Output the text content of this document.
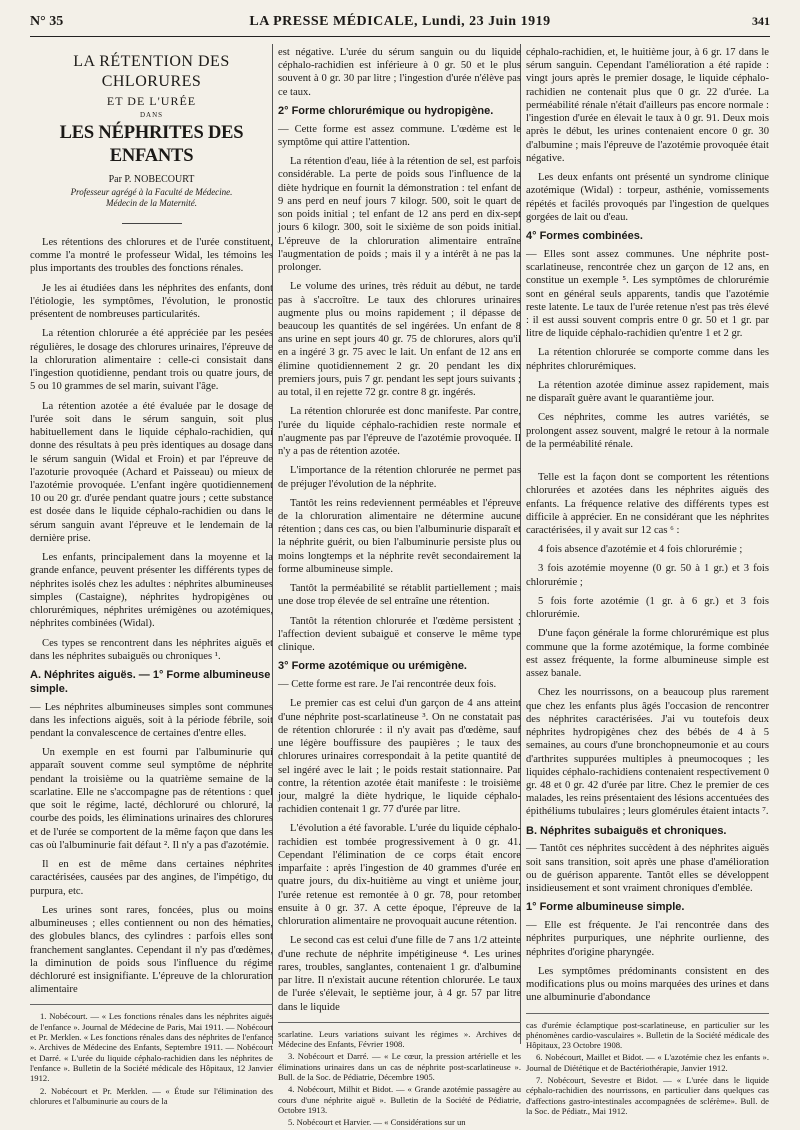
N° 35	LA PRESSE MÉDICALE, Lundi, 23 Juin 1919	341
LA RÉTENTION DES CHLORURES
ET DE L'URÉE
DANS
LES NÉPHRITES DES ENFANTS
Par P. NOBECOURT
Professeur agrégé à la Faculté de Médecine.
Médecin de la Maternité.

Les rétentions des chlorures et de l'urée constituent, comme l'a montré le professeur Widal, les témoins les plus importants des troubles des fonctions rénales.

Je les ai étudiées dans les néphrites des enfants, dont l'étiologie, les symptômes, l'évolution, le pronostic présentent de nombreuses particularités.

La rétention chlorurée a été appréciée par les pesées régulières, le dosage des chlorures urinaires, l'épreuve de la chloruration alimentaire : celle-ci consistait dans l'ingestion quotidienne, pendant trois ou quatre jours, de 5 ou 10 grammes de sel marin, suivant l'âge.

La rétention azotée a été évaluée par le dosage de l'urée soit dans le sérum sanguin, soit plus habituellement dans le liquide céphalo-rachidien, qui donne des résultats à peu près identiques au dosage dans le sérum sanguin (Widal et Froin) et par l'épreuve de l'azoturie provoquée (Achard et Paisseau) ou mieux de l'azotémie provoquée. L'enfant ingère quotidiennement 10 ou 20 gr. d'urée pendant quatre jours ; cette substance est dosée dans le liquide céphalo-rachidien ou dans le sérum sanguin avant l'épreuve et le lendemain de la dernière prise.

Les enfants, principalement dans la moyenne et la grande enfance, peuvent présenter les différents types de néphrites isolés chez les adultes : néphrites albumineuses simples (Castaigne), néphrites hydropigènes ou chlorurémiques, néphrites urémigènes ou azotémiques, néphrites combinées (Widal).

Ces types se rencontrent dans les néphrites aiguës et dans les néphrites subaiguës ou chroniques ¹.

A. Néphrites aiguës. — 1° Forme albumineuse simple.

— Les néphrites albumineuses simples sont communes dans les infections aiguës, soit à la période fébrile, soit pendant la convalescence de certaines d'entre elles.

Un exemple en est fourni par l'albuminurie qui apparaît souvent comme seul symptôme de néphrite pendant la troisième ou la quatrième semaine de la scarlatine. Elle ne s'accompagne pas de rétentions : quel que soit le régime, lacté, déchloruré ou chloruré, la courbe des poids, les éliminations urinaires des chlorures et de l'urée se comportent de la même façon que dans les cas où l'albuminurie fait défaut ². Il n'y a pas d'azotémie.

Il en est de même dans certaines néphrites caractérisées, causées par des angines, de l'impétigo, du purpura, etc.

Les urines sont rares, foncées, plus ou moins albumineuses ; elles contiennent ou non des hématies, des globules blancs, des cylindres : parfois elles sont franchement sanglantes. Cependant il n'y pas d'œdèmes, la diminution de poids sous l'influence du régime déchloruré est insignifiante. L'épreuve de la chloruration alimentaire

1. Nobécourt. — « Les fonctions rénales dans les néphrites aiguës de l'enfance ». Journal de Médecine de Paris, Mai 1911. — Nobécourt et Pr. Merklen. « Les fonctions rénales dans des néphrites de l'enfance ». Archives de Médecine des Enfants, Septembre 1911. — Nobécourt et Darré. « L'urée du liquide céphalo-rachidien dans les néphrites de l'enfance ». Bulletin de la Société médicale des Hôpitaux, 12 Janvier 1912.

2. Nobécourt et Pr. Merklen. — « Étude sur l'élimination des chlorures et l'albuminurie au cours de la

est négative. L'urée du sérum sanguin ou du liquide céphalo-rachidien est inférieure à 0 gr. 50 et le plus souvent à 0 gr. 30 par litre ; l'ingestion d'urée n'élève pas ce taux.

2° Forme chlorurémique ou hydropigène.

— Cette forme est assez commune. L'œdème est le symptôme qui attire l'attention.

La rétention d'eau, liée à la rétention de sel, est parfois considérable. La perte de poids sous l'influence de la diète hydrique en fournit la démonstration : tel enfant de 9 ans perd en neuf jours 7 kilogr. 500, soit le quart de son poids initial ; tel enfant de 12 ans perd en dix-sept jours 6 kilogr. 300, soit le sixième de son poids initial. L'épreuve de la chloruration alimentaire entraîne l'augmentation de poids ; mais il y a intérêt à ne pas la prolonger.

Le volume des urines, très réduit au début, ne tarde pas à s'accroître. Le taux des chlorures urinaires augmente plus ou moins rapidement ; il dépasse de beaucoup les quantités de sel ingérées. Un enfant de 8 ans urine en sept jours 40 gr. 75 de chlorures, alors qu'il en a ingéré 3 gr. 75 avec le lait. Un enfant de 12 ans en élimine quotidiennement 2 gr. 20 pendant les dix premiers jours, puis 7 gr. pendant les sept jours suivants ; au total, il en rejette 72 gr. contre 8 gr. ingérés.

La rétention chlorurée est donc manifeste. Par contre, l'urée du liquide céphalo-rachidien reste normale et n'augmente pas par l'épreuve de l'azotémie provoquée. Il n'y a pas de rétention azotée.

L'importance de la rétention chlorurée ne permet pas de préjuger l'évolution de la néphrite.

Tantôt les reins redeviennent perméables et l'épreuve de la chloruration alimentaire ne détermine aucune rétention ; dans ces cas, ou bien l'albuminurie disparaît et la néphrite guérit, ou bien l'albuminurie persiste plus ou moins longtemps et la néphrite revêt secondairement la forme albumineuse simple.

Tantôt la perméabilité se rétablit partiellement ; mais une dose trop élevée de sel entraîne une rétention.

Tantôt la rétention chlorurée et l'œdème persistent ; l'affection devient subaiguë et conserve le même type clinique.

3° Forme azotémique ou urémigène.

— Cette forme est rare. Je l'ai rencontrée deux fois.

Le premier cas est celui d'un garçon de 4 ans atteint d'une néphrite post-scarlatineuse ³. On ne constatait pas de rétention chlorurée : il n'y avait pas d'œdème, sauf une légère bouffissure des paupières ; le taux des chlorures urinaires correspondait à la petite quantité de sel ingéré avec le lait ; le poids restait stationnaire. Par contre, la rétention azotée était manifeste : le troisième jour, malgré la diète hydrique, le liquide céphalo-rachidien contenait 1 gr. 77 d'urée par litre.

L'évolution a été favorable. L'urée du liquide céphalo-rachidien est tombée progressivement à 0 gr. 41. Cependant l'élimination de ce corps était encore imparfaite : après l'ingestion de 40 grammes d'urée en quatre jours, du dix-huitième au vingt et unième jour, l'urée retenue est remontée à 0 gr. 78, pour retomber ensuite à 0 gr. 37. A cette époque, l'épreuve de la chloruration alimentaire ne provoquait aucune rétention.

Le second cas est celui d'une fille de 7 ans 1/2 atteinte d'une rechute de néphrite impétigineuse ⁴. Les urines rares, troubles, sanglantes, contenaient 1 gr. d'albumine par litre. Il n'existait aucune rétention chlorurée. Le taux de l'urée s'élevait, le septième jour, à 4 gr. 57 par litre dans le liquide

scarlatine. Leurs variations suivant les régimes ». Archives de Médecine des Enfants, Février 1908.

3. Nobécourt et Darré. — « Le cœur, la pression artérielle et les éliminations urinaires dans un cas de néphrite post-scarlatineuse ». Bull. de la Soc. de Pédiatrie, Décembre 1905.

4. Nobécourt, Milhit et Bidot. — « Grande azotémie passagère au cours d'une néphrite aiguë ». Bulletin de la Société de Pédiatrie, Octobre 1913.

5. Nobécourt et Harvier. — « Considérations sur un

céphalo-rachidien, et, le huitième jour, à 6 gr. 17 dans le sérum sanguin. Cependant l'amélioration a été rapide : vingt jours après le premier dosage, le liquide céphalo-rachidien ne contenait plus que 0 gr. 22 d'urée. La perméabilité rénale n'était d'ailleurs pas encore normale : l'ingestion d'urée en élevait le taux à 0 gr. 91. Deux mois après le début, les urines contenaient encore 0 gr. 30 d'albumine ; mais l'épreuve de l'azotémie provoquée était négative.

Les deux enfants ont présenté un syndrome clinique azotémique (Widal) : torpeur, asthénie, vomissements répétés et facilés provoqués par l'ingestion de quelques gorgées de lait ou d'eau.

4° Formes combinées.

— Elles sont assez communes. Une néphrite post-scarlatineuse, rencontrée chez un garçon de 12 ans, en constitue un exemple ⁵. Les symptômes de chlorurémie sont en général seuls apparents, tandis que l'azotémie reste latente. Le taux de l'urée retenue n'est pas très élevé : il est aussi souvent compris entre 0 gr. 50 et 1 gr. par litre de liquide céphalo-rachidien qu'entre 1 et 2 gr.

La rétention chlorurée se comporte comme dans les néphrites chlorurémiques.

La rétention azotée diminue assez rapidement, mais ne disparaît guère avant le quarantième jour.

Ces néphrites, comme les autres variétés, se prolongent assez souvent, malgré le retour à la normale de la perméabilité rénale.

Telle est la façon dont se comportent les rétentions chlorurées et azotées dans les néphrites aiguës des enfants. La fréquence relative des différents types est difficile à apprécier. En ne considérant que les néphrites caractérisées, il y avait sur 12 cas ⁶ :

4 fois absence d'azotémie et 4 fois chlorurémie ;

3 fois azotémie moyenne (0 gr. 50 à 1 gr.) et 3 fois chlorurémie ;

5 fois forte azotémie (1 gr. à 6 gr.) et 3 fois chlorurémie.

D'une façon générale la forme chlorurémique est plus commune que la forme azotémique, la forme combinée est assez fréquente, la forme albumineuse simple est assez banale.

Chez les nourrissons, on a beaucoup plus rarement que chez les enfants plus âgés l'occasion de rencontrer des néphrites caractérisées. J'ai vu toutefois deux néphrites hydropigènes chez des bébés de 4 à 5 semaines, au cours d'une bronchopneumonie et au cours d'arthrites suppurées multiples à pneumocoques ; les liquides céphalo-rachidiens contenaient respectivement 0 gr. 48 et 0 gr. 42 d'urée par litre. Chez le premier de ces malades, les reins présentaient des lésions accentuées des épithéliums tubulaires ; leurs glomérules étaient intacts ⁷.

B. Néphrites subaiguës et chroniques.

— Tantôt ces néphrites succèdent à des néphrites aiguës soit sans transition, soit après une phase d'amélioration ou de guérison apparente. Tantôt elles se développent insidieusement et sont vraiment chroniques d'emblée.

1° Forme albumineuse simple.

— Elle est fréquente. Je l'ai rencontrée dans des néphrites purpuriques, une néphrite ourlienne, des néphrites d'origine pharyngée.

Les symptômes prédominants consistent en des modifications plus ou moins marquées des urines et dans une albuminurie d'abondance

cas d'urémie éclamptique post-scarlatineuse, en particulier sur les phénomènes cardio-vasculaires ». Bulletin de la Société médicale des Hôpitaux, 23 Octobre 1908.

6. Nobécourt, Maillet et Bidot. — « L'azotémie chez les enfants ». Journal de Diététique et de Bactériothérapie, Janvier 1912.

7. Nobécourt, Sevestre et Bidot. — « L'urée dans le liquide céphalo-rachidien des nourrissons, en particulier dans quelques cas d'affections gastro-intestinales accompagnées de sclérème». Bull. de la Soc. de Pédiatr., Mai 1912.
